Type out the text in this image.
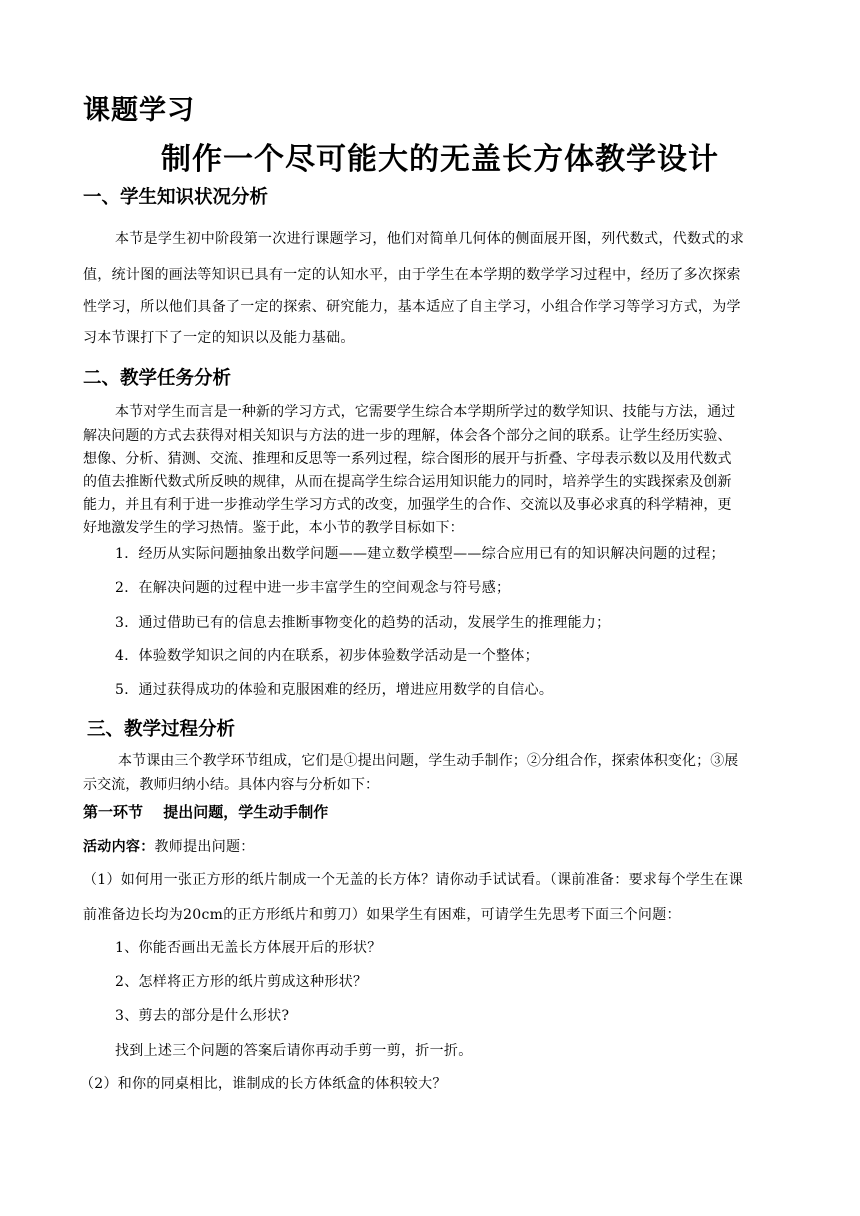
课题学习
制作一个尽可能大的无盖长方体教学设计
一、学生知识状况分析
本节是学生初中阶段第一次进行课题学习，他们对简单几何体的侧面展开图，列代数式，代数式的求
值，统计图的画法等知识已具有一定的认知水平，由于学生在本学期的数学学习过程中，经历了多次探索
性学习，所以他们具备了一定的探索、研究能力，基本适应了自主学习，小组合作学习等学习方式，为学
习本节课打下了一定的知识以及能力基础。
二、教学任务分析
本节对学生而言是一种新的学习方式，它需要学生综合本学期所学过的数学知识、技能与方法，通过
解决问题的方式去获得对相关知识与方法的进一步的理解，体会各个部分之间的联系。让学生经历实验、
想像、分析、猜测、交流、推理和反思等一系列过程，综合图形的展开与折叠、字母表示数以及用代数式
的值去推断代数式所反映的规律，从而在提高学生综合运用知识能力的同时，培养学生的实践探索及创新
能力，并且有利于进一步推动学生学习方式的改变，加强学生的合作、交流以及事必求真的科学精神，更
好地激发学生的学习热情。鉴于此，本小节的教学目标如下：
1．经历从实际问题抽象出数学问题——建立数学模型——综合应用已有的知识解决问题的过程；
2．在解决问题的过程中进一步丰富学生的空间观念与符号感；
3．通过借助已有的信息去推断事物变化的趋势的活动，发展学生的推理能力；
4．体验数学知识之间的内在联系，初步体验数学活动是一个整体；
5．通过获得成功的体验和克服困难的经历，增进应用数学的自信心。
三、教学过程分析
本节课由三个教学环节组成，它们是①提出问题，学生动手制作；②分组合作，探索体积变化；③展
示交流，教师归纳小结。具体内容与分析如下：
第一环节　 提出问题，学生动手制作
活动内容：教师提出问题：
（1）如何用一张正方形的纸片制成一个无盖的长方体？请你动手试试看。（课前准备：要求每个学生在课
前准备边长均为20cm的正方形纸片和剪刀）如果学生有困难，可请学生先思考下面三个问题：
1、你能否画出无盖长方体展开后的形状？
2、怎样将正方形的纸片剪成这种形状？
3、剪去的部分是什么形状?
找到上述三个问题的答案后请你再动手剪一剪，折一折。
（2）和你的同桌相比，谁制成的长方体纸盒的体积较大？
